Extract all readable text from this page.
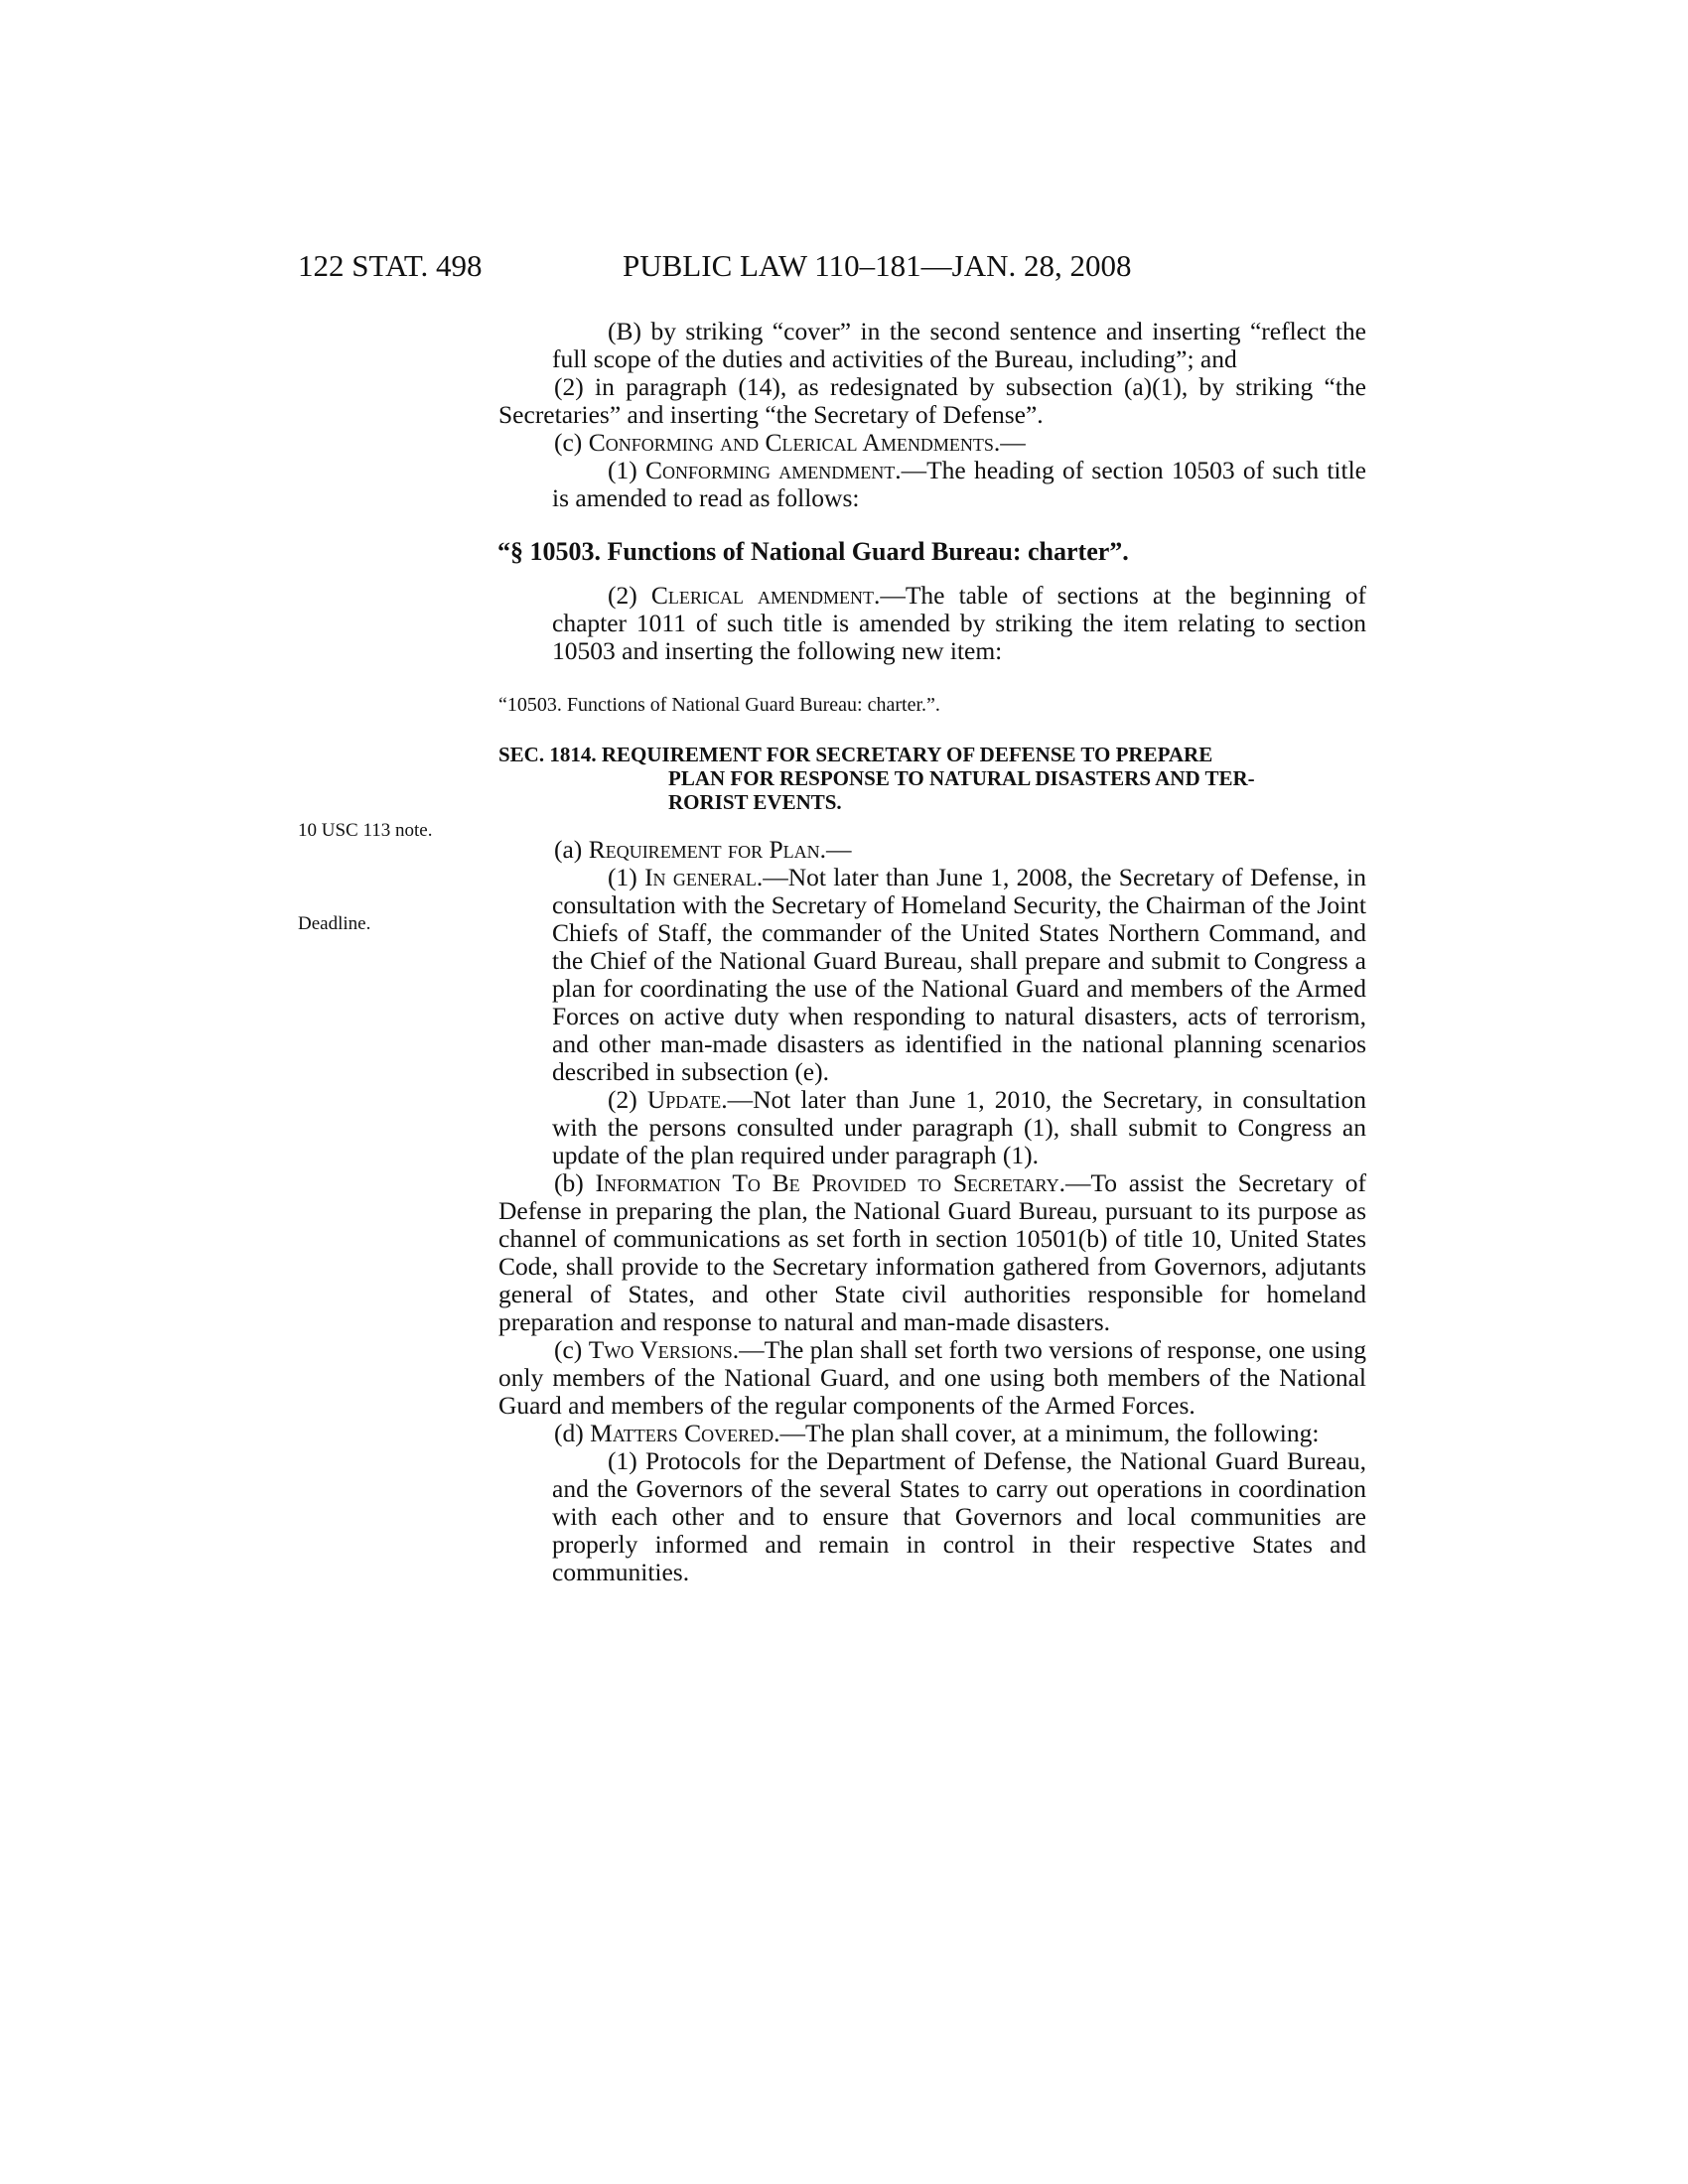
122 STAT. 498	PUBLIC LAW 110–181—JAN. 28, 2008
10 USC 113 note.
Deadline.

(B) by striking “cover” in the second sentence and inserting “reflect the full scope of the duties and activities of the Bureau, including”; and

(2) in paragraph (14), as redesignated by subsection (a)(1), by striking “the Secretaries” and inserting “the Secretary of Defense”.

(c) Conforming and Clerical Amendments.—

(1) Conforming amendment.—The heading of section 10503 of such title is amended to read as follows:

“§ 10503. Functions of National Guard Bureau: charter”.

(2) Clerical amendment.—The table of sections at the beginning of chapter 1011 of such title is amended by striking the item relating to section 10503 and inserting the following new item:

“10503. Functions of National Guard Bureau: charter.”.

SEC. 1814. REQUIREMENT FOR SECRETARY OF DEFENSE TO PREPARE
PLAN FOR RESPONSE TO NATURAL DISASTERS AND TER-
RORIST EVENTS.

(a) Requirement for Plan.—

(1) In general.—Not later than June 1, 2008, the Secretary of Defense, in consultation with the Secretary of Homeland Security, the Chairman of the Joint Chiefs of Staff, the commander of the United States Northern Command, and the Chief of the National Guard Bureau, shall prepare and submit to Congress a plan for coordinating the use of the National Guard and members of the Armed Forces on active duty when responding to natural disasters, acts of terrorism, and other man-made disasters as identified in the national planning scenarios described in subsection (e).

(2) Update.—Not later than June 1, 2010, the Secretary, in consultation with the persons consulted under paragraph (1), shall submit to Congress an update of the plan required under paragraph (1).

(b) Information To Be Provided to Secretary.—To assist the Secretary of Defense in preparing the plan, the National Guard Bureau, pursuant to its purpose as channel of communications as set forth in section 10501(b) of title 10, United States Code, shall provide to the Secretary information gathered from Governors, adjutants general of States, and other State civil authorities responsible for homeland preparation and response to natural and man-made disasters.

(c) Two Versions.—The plan shall set forth two versions of response, one using only members of the National Guard, and one using both members of the National Guard and members of the regular components of the Armed Forces.

(d) Matters Covered.—The plan shall cover, at a minimum, the following:

(1) Protocols for the Department of Defense, the National Guard Bureau, and the Governors of the several States to carry out operations in coordination with each other and to ensure that Governors and local communities are properly informed and remain in control in their respective States and communities.
